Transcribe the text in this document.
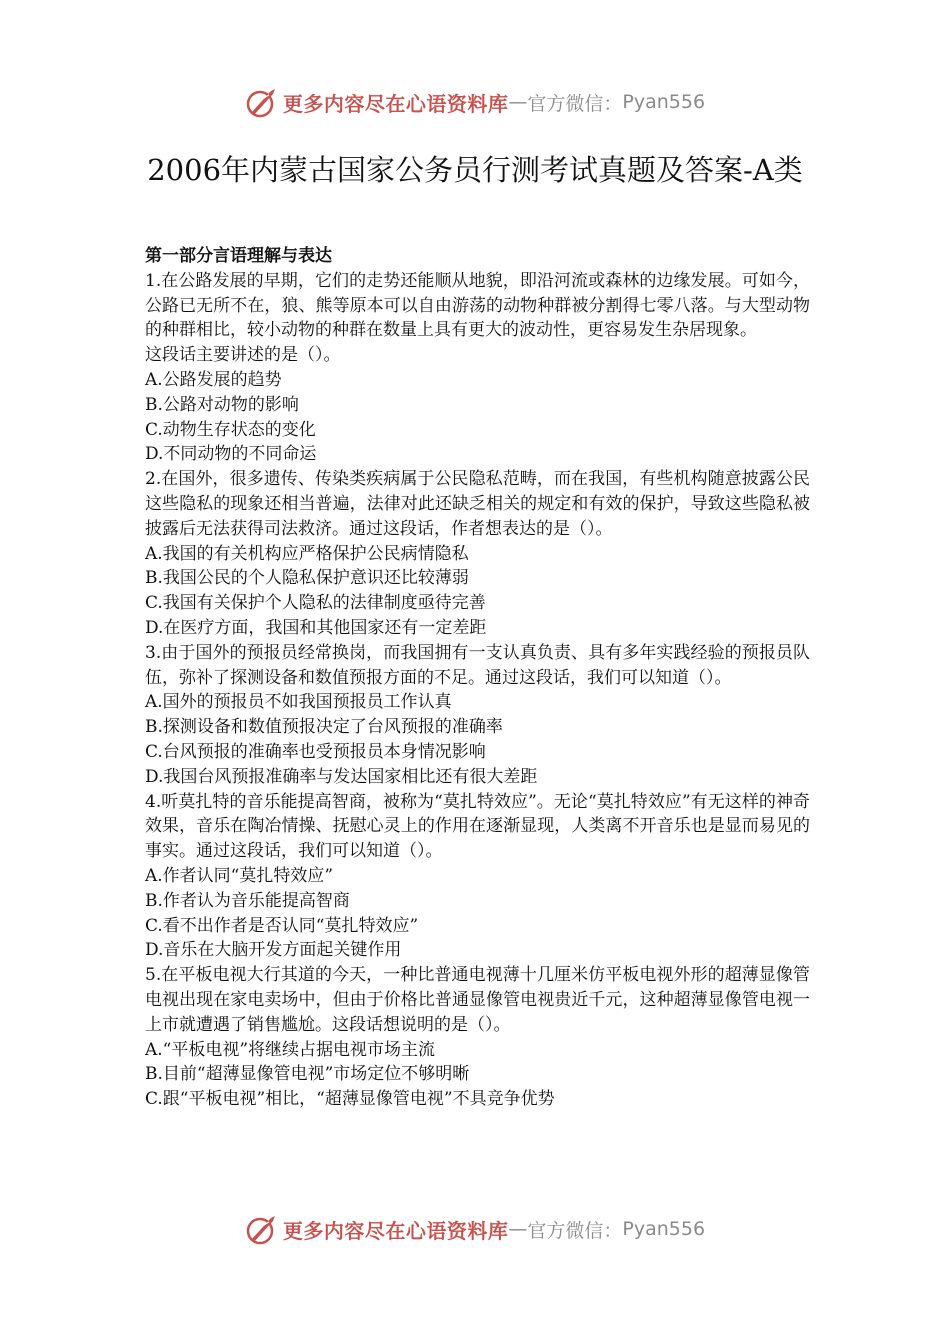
更多内容尽在心语资料库 — 官方微信： Pyan556
2006年内蒙古国家公务员行测考试真题及答案-A类

第一部分言语理解与表达

1.在公路发展的早期，它们的走势还能顺从地貌，即沿河流或森林的边缘发展。可如今，公路已无所不在，狼、熊等原本可以自由游荡的动物种群被分割得七零八落。与大型动物的种群相比，较小动物的种群在数量上具有更大的波动性，更容易发生杂居现象。

这段话主要讲述的是（）。

A.公路发展的趋势

B.公路对动物的影响

C.动物生存状态的变化

D.不同动物的不同命运

2.在国外，很多遗传、传染类疾病属于公民隐私范畴，而在我国，有些机构随意披露公民这些隐私的现象还相当普遍，法律对此还缺乏相关的规定和有效的保护，导致这些隐私被披露后无法获得司法救济。通过这段话，作者想表达的是（）。

A.我国的有关机构应严格保护公民病情隐私

B.我国公民的个人隐私保护意识还比较薄弱

C.我国有关保护个人隐私的法律制度亟待完善

D.在医疗方面，我国和其他国家还有一定差距

3.由于国外的预报员经常换岗，而我国拥有一支认真负责、具有多年实践经验的预报员队伍，弥补了探测设备和数值预报方面的不足。通过这段话，我们可以知道（）。

A.国外的预报员不如我国预报员工作认真

B.探测设备和数值预报决定了台风预报的准确率

C.台风预报的准确率也受预报员本身情况影响

D.我国台风预报准确率与发达国家相比还有很大差距

4.听莫扎特的音乐能提高智商，被称为“莫扎特效应”。无论“莫扎特效应”有无这样的神奇效果，音乐在陶冶情操、抚慰心灵上的作用在逐渐显现，人类离不开音乐也是显而易见的事实。通过这段话，我们可以知道（）。

A.作者认同“莫扎特效应”

B.作者认为音乐能提高智商

C.看不出作者是否认同“莫扎特效应”

D.音乐在大脑开发方面起关键作用

5.在平板电视大行其道的今天，一种比普通电视薄十几厘米仿平板电视外形的超薄显像管电视出现在家电卖场中，但由于价格比普通显像管电视贵近千元，这种超薄显像管电视一上市就遭遇了销售尴尬。这段话想说明的是（）。

A.“平板电视”将继续占据电视市场主流

B.目前“超薄显像管电视”市场定位不够明晰

C.跟“平板电视”相比，“超薄显像管电视”不具竞争优势

更多内容尽在心语资料库 — 官方微信： Pyan556
